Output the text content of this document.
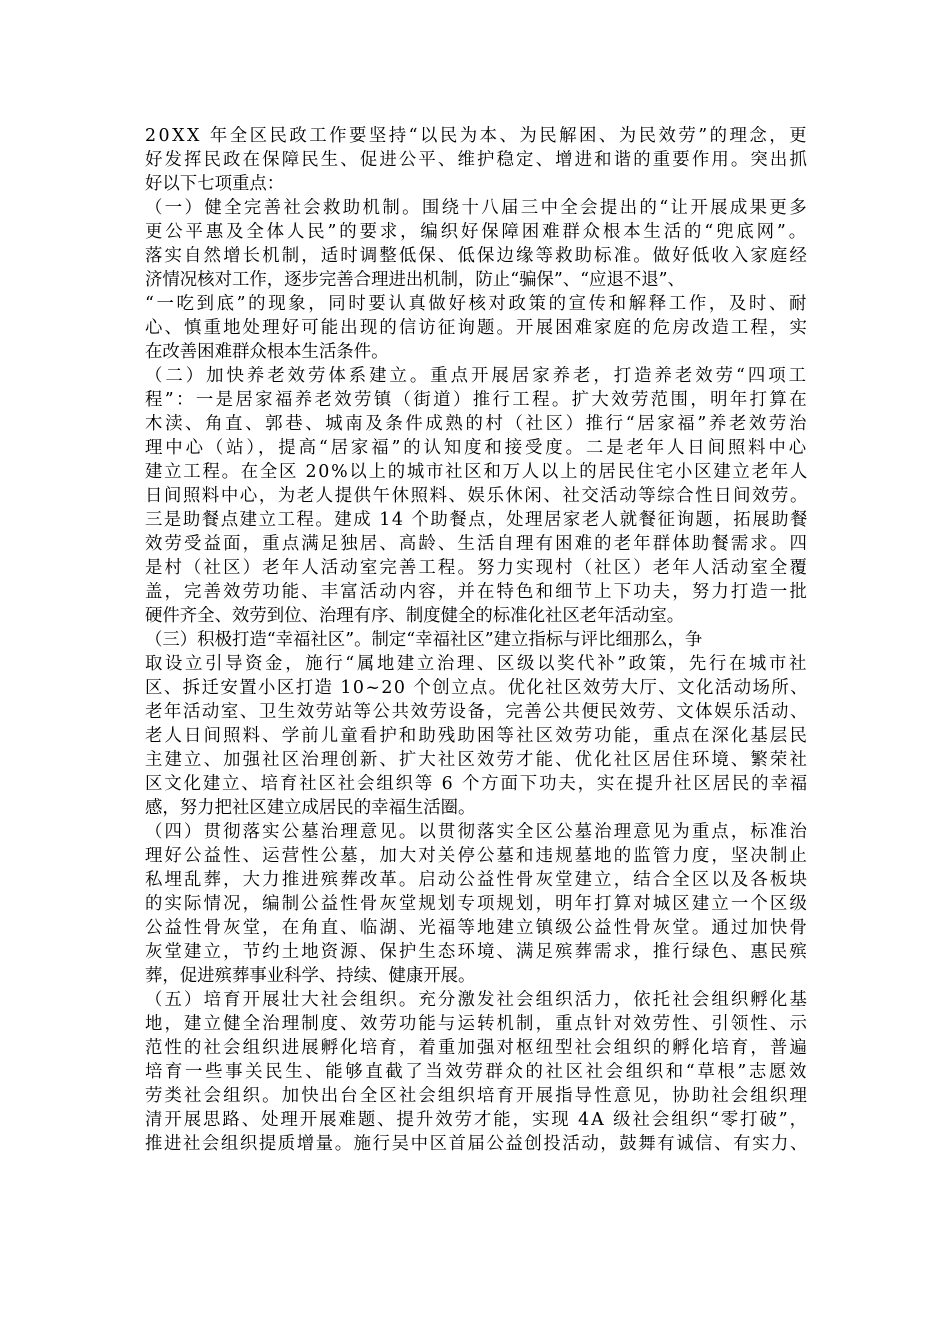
20XX 年全区民政工作要坚持“以民为本、为民解困、为民效劳”的理念，更
好发挥民政在保障民生、促进公平、维护稳定、增进和谐的重要作用。突出抓
好以下七项重点：
（一）健全完善社会救助机制。围绕十八届三中全会提出的“让开展成果更多
更公平惠及全体人民”的要求，编织好保障困难群众根本生活的“兜底网”。
落实自然增长机制，适时调整低保、低保边缘等救助标准。做好低收入家庭经
济情况核对工作，逐步完善合理进出机制，防止“骗保”、“应退不退”、
“一吃到底”的现象，同时要认真做好核对政策的宣传和解释工作，及时、耐
心、慎重地处理好可能出现的信访征询题。开展困难家庭的危房改造工程，实
在改善困难群众根本生活条件。
（二）加快养老效劳体系建立。重点开展居家养老，打造养老效劳“四项工
程”：一是居家福养老效劳镇（街道）推行工程。扩大效劳范围，明年打算在
木渎、角直、郭巷、城南及条件成熟的村（社区）推行“居家福”养老效劳治
理中心（站），提高“居家福”的认知度和接受度。二是老年人日间照料中心
建立工程。在全区 20%以上的城市社区和万人以上的居民住宅小区建立老年人
日间照料中心，为老人提供午休照料、娱乐休闲、社交活动等综合性日间效劳。
三是助餐点建立工程。建成 14 个助餐点，处理居家老人就餐征询题，拓展助餐
效劳受益面，重点满足独居、高龄、生活自理有困难的老年群体助餐需求。四
是村（社区）老年人活动室完善工程。努力实现村（社区）老年人活动室全覆
盖，完善效劳功能、丰富活动内容，并在特色和细节上下功夫，努力打造一批
硬件齐全、效劳到位、治理有序、制度健全的标准化社区老年活动室。
（三）积极打造“幸福社区”。制定“幸福社区”建立指标与评比细那么，争
取设立引导资金，施行“属地建立治理、区级以奖代补”政策，先行在城市社
区、拆迁安置小区打造 10~20 个创立点。优化社区效劳大厅、文化活动场所、
老年活动室、卫生效劳站等公共效劳设备，完善公共便民效劳、文体娱乐活动、
老人日间照料、学前儿童看护和助残助困等社区效劳功能，重点在深化基层民
主建立、加强社区治理创新、扩大社区效劳才能、优化社区居住环境、繁荣社
区文化建立、培育社区社会组织等 6 个方面下功夫，实在提升社区居民的幸福
感，努力把社区建立成居民的幸福生活圈。
（四）贯彻落实公墓治理意见。以贯彻落实全区公墓治理意见为重点，标准治
理好公益性、运营性公墓，加大对关停公墓和违规墓地的监管力度，坚决制止
私埋乱葬，大力推进殡葬改革。启动公益性骨灰堂建立，结合全区以及各板块
的实际情况，编制公益性骨灰堂规划专项规划，明年打算对城区建立一个区级
公益性骨灰堂，在角直、临湖、光福等地建立镇级公益性骨灰堂。通过加快骨
灰堂建立，节约土地资源、保护生态环境、满足殡葬需求，推行绿色、惠民殡
葬，促进殡葬事业科学、持续、健康开展。
（五）培育开展壮大社会组织。充分激发社会组织活力，依托社会组织孵化基
地，建立健全治理制度、效劳功能与运转机制，重点针对效劳性、引领性、示
范性的社会组织进展孵化培育，着重加强对枢纽型社会组织的孵化培育，普遍
培育一些事关民生、能够直截了当效劳群众的社区社会组织和“草根”志愿效
劳类社会组织。加快出台全区社会组织培育开展指导性意见，协助社会组织理
清开展思路、处理开展难题、提升效劳才能，实现 4A 级社会组织“零打破”，
推进社会组织提质增量。施行吴中区首届公益创投活动，鼓舞有诚信、有实力、
